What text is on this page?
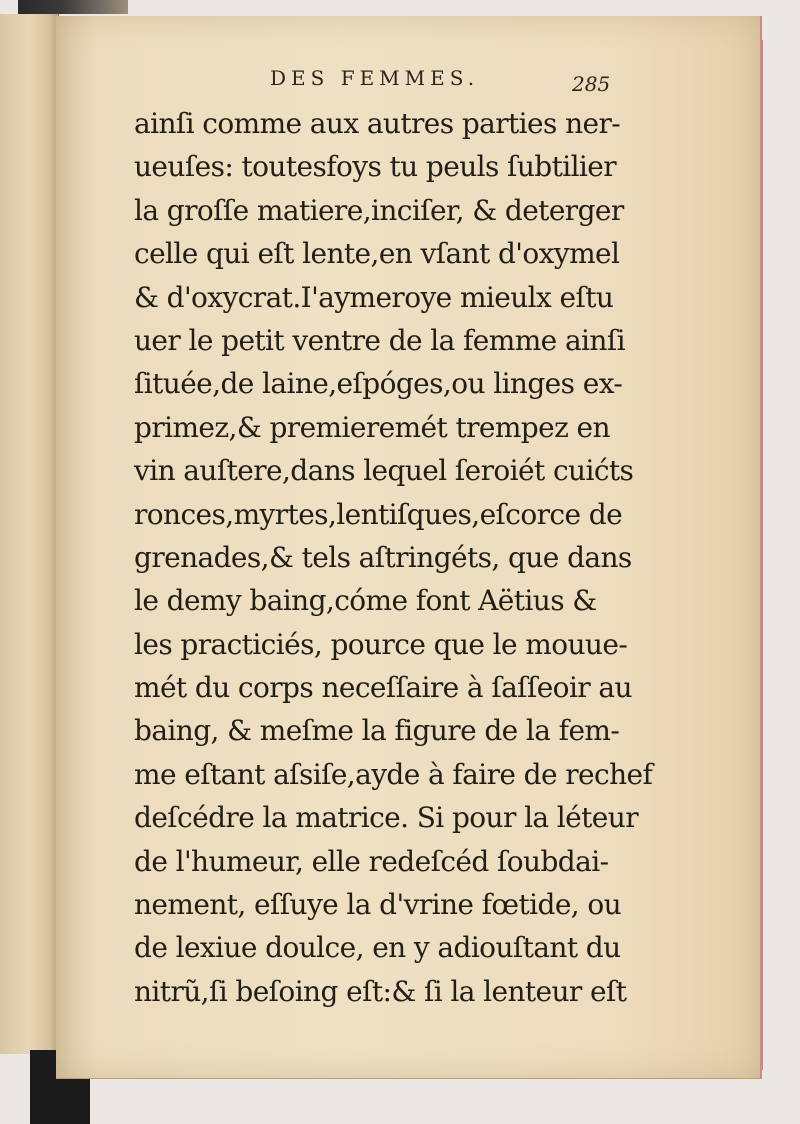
DES FEMMES.	285
ainſi comme aux autres parties ner-
ueuſes: toutesfoys tu peuls ſubtilier
la groſſe matiere,inciſer, & deterger
celle qui eſt lente,en vſant d'oxymel
& d'oxycrat.I'aymeroye mieulx eſtu
uer le petit ventre de la femme ainſi
ſituée,de laine,eſpóges,ou linges ex-
primez,& premieremét trempez en
vin auſtere,dans lequel ſeroiét cuićts
ronces,myrtes,lentiſques,eſcorce de
grenades,& tels aſtringéts, que dans
le demy baing,cóme font Aëtius &
les practiciés, pource que le mouue-
mét du corps neceſſaire à ſaſſeoir au
baing, & meſme la figure de la fem-
me eſtant aſsiſe,ayde à faire de rechef
deſcédre la matrice. Si pour la léteur
de l'humeur, elle redeſcéd ſoubdai-
nement, eſſuye la d'vrine fœtide, ou
de lexiue doulce, en y adiouſtant du
nitrũ,ſi beſoing eſt:& ſi la lenteur eſt
